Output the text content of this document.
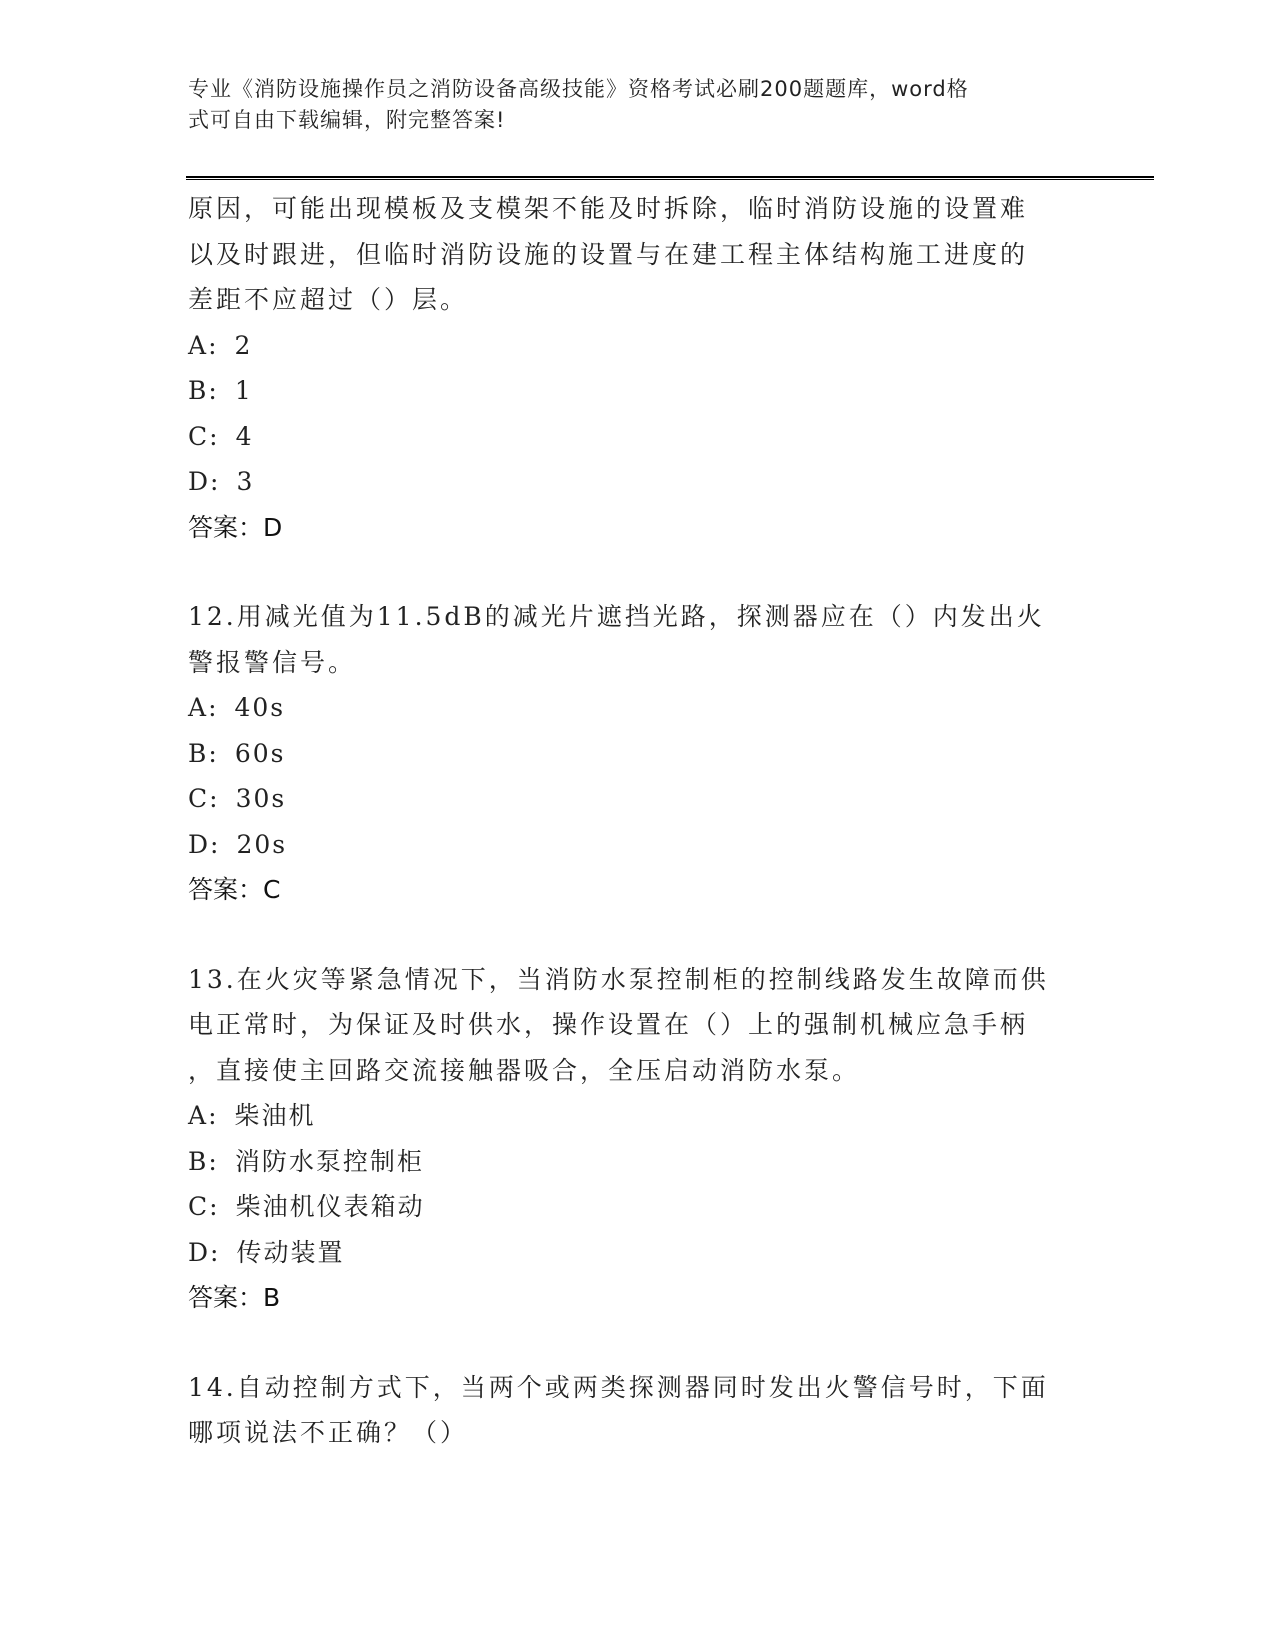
专业《消防设施操作员之消防设备高级技能》资格考试必刷200题题库，word格
式可自由下载编辑，附完整答案!

原因，可能出现模板及支模架不能及时拆除，临时消防设施的设置难

以及时跟进，但临时消防设施的设置与在建工程主体结构施工进度的

差距不应超过（）层。

A: 2

B: 1

C: 4

D: 3

答案：D

12.用减光值为11.5dB的减光片遮挡光路，探测器应在（）内发出火

警报警信号。

A: 40s

B: 60s

C: 30s

D: 20s

答案：C

13.在火灾等紧急情况下，当消防水泵控制柜的控制线路发生故障而供

电正常时，为保证及时供水，操作设置在（）上的强制机械应急手柄

，直接使主回路交流接触器吸合，全压启动消防水泵。

A: 柴油机

B: 消防水泵控制柜

C: 柴油机仪表箱动

D: 传动装置

答案：B

14.自动控制方式下，当两个或两类探测器同时发出火警信号时，下面

哪项说法不正确？（）
